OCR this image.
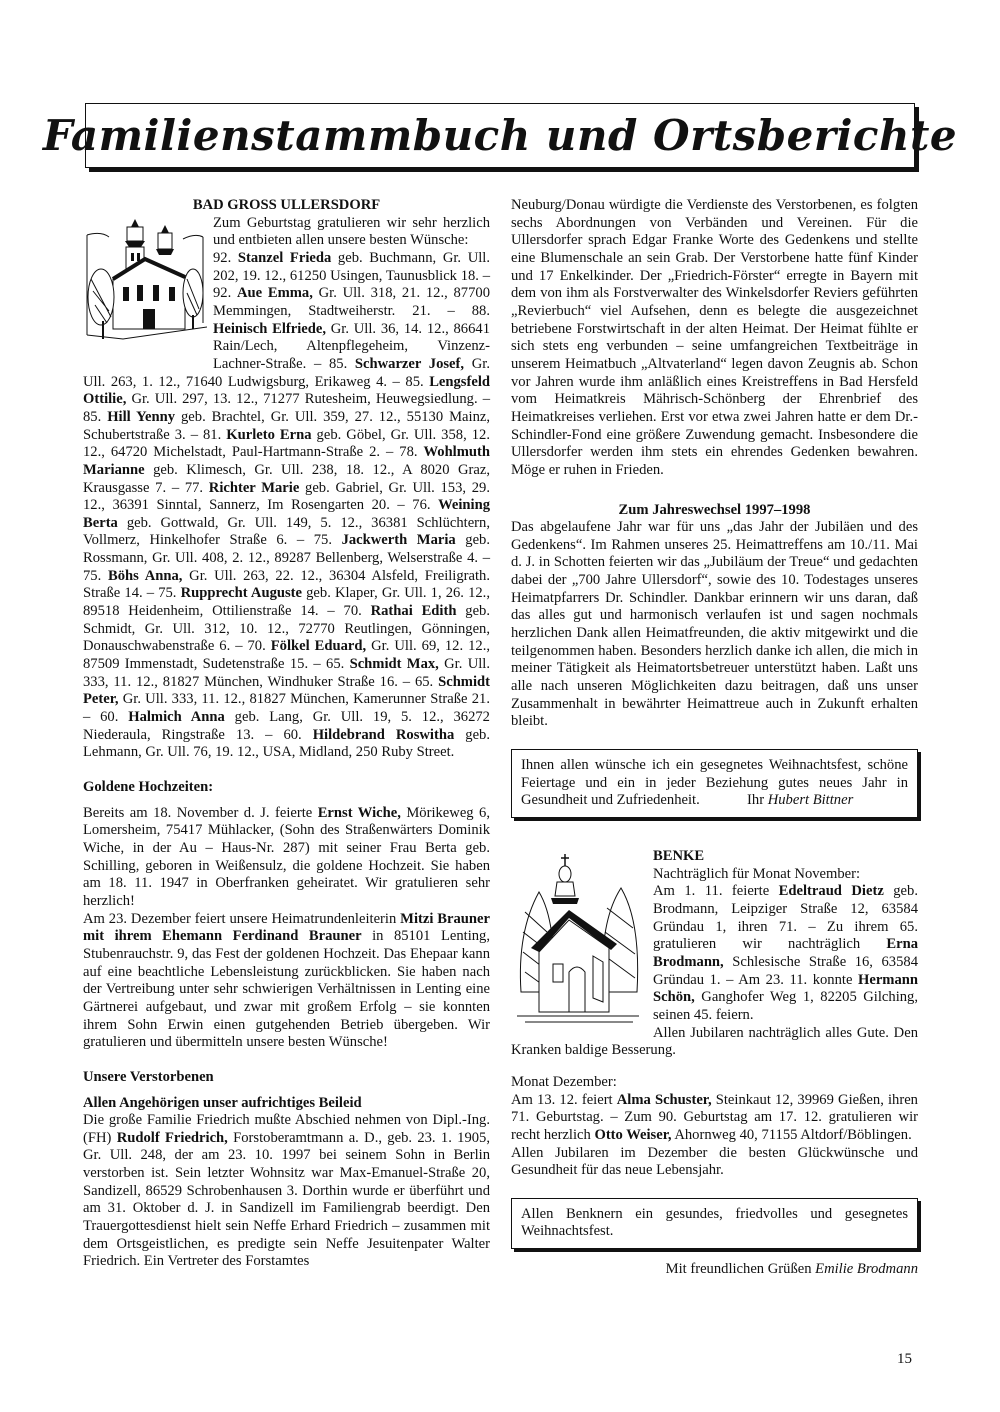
Familienstammbuch und Ortsberichte

BAD GROSS ULLERSDORF

Zum Geburtstag gratulieren wir sehr herzlich und entbieten allen unsere besten Wünsche:

92. Stanzel Frieda geb. Buchmann, Gr. Ull. 202, 19. 12., 61250 Usingen, Taunusblick 18. – 92. Aue Emma, Gr. Ull. 318, 21. 12., 87700 Memmingen, Stadtweiherstr. 21. – 88. Heinisch Elfriede, Gr. Ull. 36, 14. 12., 86641 Rain/Lech, Altenpflegeheim, Vinzenz-Lachner-Straße. – 85. Schwarzer Josef, Gr. Ull. 263, 1. 12., 71640 Ludwigsburg, Erikaweg 4. – 85. Lengsfeld Ottilie, Gr. Ull. 297, 13. 12., 71277 Rutesheim, Heuwegsiedlung. – 85. Hill Yenny geb. Brachtel, Gr. Ull. 359, 27. 12., 55130 Mainz, Schubertstraße 3. – 81. Kurleto Erna geb. Göbel, Gr. Ull. 358, 12. 12., 64720 Michelstadt, Paul-Hartmann-Straße 2. – 78. Wohlmuth Marianne geb. Klimesch, Gr. Ull. 238, 18. 12., A 8020 Graz, Krausgasse 7. – 77. Richter Marie geb. Gabriel, Gr. Ull. 153, 29. 12., 36391 Sinntal, Sannerz, Im Rosengarten 20. – 76. Weining Berta geb. Gottwald, Gr. Ull. 149, 5. 12., 36381 Schlüchtern, Vollmerz, Hinkelhofer Straße 6. – 75. Jackwerth Maria geb. Rossmann, Gr. Ull. 408, 2. 12., 89287 Bellenberg, Welserstraße 4. – 75. Böhs Anna, Gr. Ull. 263, 22. 12., 36304 Alsfeld, Freiligrath. Straße 14. – 75. Rupprecht Auguste geb. Klaper, Gr. Ull. 1, 26. 12., 89518 Heidenheim, Ottilienstraße 14. – 70. Rathai Edith geb. Schmidt, Gr. Ull. 312, 10. 12., 72770 Reutlingen, Gönningen, Donauschwabenstraße 6. – 70. Fölkel Eduard, Gr. Ull. 69, 12. 12., 87509 Immenstadt, Sudetenstraße 15. – 65. Schmidt Max, Gr. Ull. 333, 11. 12., 81827 München, Windhuker Straße 16. – 65. Schmidt Peter, Gr. Ull. 333, 11. 12., 81827 München, Kamerunner Straße 21. – 60. Halmich Anna geb. Lang, Gr. Ull. 19, 5. 12., 36272 Niederaula, Ringstraße 13. – 60. Hildebrand Roswitha geb. Lehmann, Gr. Ull. 76, 19. 12., USA, Midland, 250 Ruby Street.

Goldene Hochzeiten:

Bereits am 18. November d. J. feierte Ernst Wiche, Mörikeweg 6, Lomersheim, 75417 Mühlacker, (Sohn des Straßenwärters Dominik Wiche, in der Au – Haus-Nr. 287) mit seiner Frau Berta geb. Schilling, geboren in Weißensulz, die goldene Hochzeit. Sie haben am 18. 11. 1947 in Oberfranken geheiratet. Wir gratulieren sehr herzlich!

Am 23. Dezember feiert unsere Heimatrundenleiterin Mitzi Brauner mit ihrem Ehemann Ferdinand Brauner in 85101 Lenting, Stubenrauchstr. 9, das Fest der goldenen Hochzeit. Das Ehepaar kann auf eine beachtliche Lebensleistung zurückblicken. Sie haben nach der Vertreibung unter sehr schwierigen Verhältnissen in Lenting eine Gärtnerei aufgebaut, und zwar mit großem Erfolg – sie konnten ihrem Sohn Erwin einen gutgehenden Betrieb übergeben. Wir gratulieren und übermitteln unsere besten Wünsche!

Unsere Verstorbenen

Allen Angehörigen unser aufrichtiges Beileid

Die große Familie Friedrich mußte Abschied nehmen von Dipl.-Ing. (FH) Rudolf Friedrich, Forstoberamtmann a. D., geb. 23. 1. 1905, Gr. Ull. 248, der am 23. 10. 1997 bei seinem Sohn in Berlin verstorben ist. Sein letzter Wohnsitz war Max-Emanuel-Straße 20, Sandizell, 86529 Schrobenhausen 3. Dorthin wurde er überführt und am 31. Oktober d. J. in Sandizell im Familiengrab beerdigt. Den Trauergottesdienst hielt sein Neffe Erhard Friedrich – zusammen mit dem Ortsgeistlichen, es predigte sein Neffe Jesuitenpater Walter Friedrich. Ein Vertreter des Forstamtes

Neuburg/Donau würdigte die Verdienste des Verstorbenen, es folgten sechs Abordnungen von Verbänden und Vereinen. Für die Ullersdorfer sprach Edgar Franke Worte des Gedenkens und stellte eine Blumenschale an sein Grab. Der Verstorbene hatte fünf Kinder und 17 Enkelkinder. Der „Friedrich-Förster“ erregte in Bayern mit dem von ihm als Forstverwalter des Winkelsdorfer Reviers geführten „Revierbuch“ viel Aufsehen, denn es belegte die ausgezeichnet betriebene Forstwirtschaft in der alten Heimat. Der Heimat fühlte er sich stets eng verbunden – seine umfangreichen Textbeiträge in unserem Heimatbuch „Altvaterland“ legen davon Zeugnis ab. Schon vor Jahren wurde ihm anläßlich eines Kreistreffens in Bad Hersfeld vom Heimatkreis Mährisch-Schönberg der Ehrenbrief des Heimatkreises verliehen. Erst vor etwa zwei Jahren hatte er dem Dr.-Schindler-Fond eine größere Zuwendung gemacht. Insbesondere die Ullersdorfer werden ihm stets ein ehrendes Gedenken bewahren. Möge er ruhen in Frieden.

Zum Jahreswechsel 1997–1998

Das abgelaufene Jahr war für uns „das Jahr der Jubiläen und des Gedenkens“. Im Rahmen unseres 25. Heimattreffens am 10./11. Mai d. J. in Schotten feierten wir das „Jubiläum der Treue“ und gedachten dabei der „700 Jahre Ullersdorf“, sowie des 10. Todestages unseres Heimatpfarrers Dr. Schindler. Dankbar erinnern wir uns daran, daß das alles gut und harmonisch verlaufen ist und sagen nochmals herzlichen Dank allen Heimatfreunden, die aktiv mitgewirkt und die teilgenommen haben. Besonders herzlich danke ich allen, die mich in meiner Tätigkeit als Heimatortsbetreuer unterstützt haben. Laßt uns alle nach unseren Möglichkeiten dazu beitragen, daß uns unser Zusammenhalt in bewährter Heimattreue auch in Zukunft erhalten bleibt.

Ihnen allen wünsche ich ein gesegnetes Weihnachtsfest, schöne Feiertage und ein in jeder Beziehung gutes neues Jahr in Gesundheit und Zufriedenheit.	Ihr Hubert Bittner

BENKE

Nachträglich für Monat November:

Am 1. 11. feierte Edeltraud Dietz geb. Brodmann, Leipziger Straße 12, 63584 Gründau 1, ihren 71. – Zu ihrem 65. gratulieren wir nachträglich Erna Brodmann, Schlesische Straße 16, 63584 Gründau 1. – Am 23. 11. konnte Hermann Schön, Ganghofer Weg 1, 82205 Gilching, seinen 45. feiern.

Allen Jubilaren nachträglich alles Gute. Den Kranken baldige Besserung.

Monat Dezember:

Am 13. 12. feiert Alma Schuster, Steinkaut 12, 39969 Gießen, ihren 71. Geburtstag. – Zum 90. Geburtstag am 17. 12. gratulieren wir recht herzlich Otto Weiser, Ahornweg 40, 71155 Altdorf/Böblingen.

Allen Jubilaren im Dezember die besten Glückwünsche und Gesundheit für das neue Lebensjahr.

Allen Benknern ein gesundes, friedvolles und gesegnetes Weihnachtsfest.

Mit freundlichen Grüßen Emilie Brodmann

15
